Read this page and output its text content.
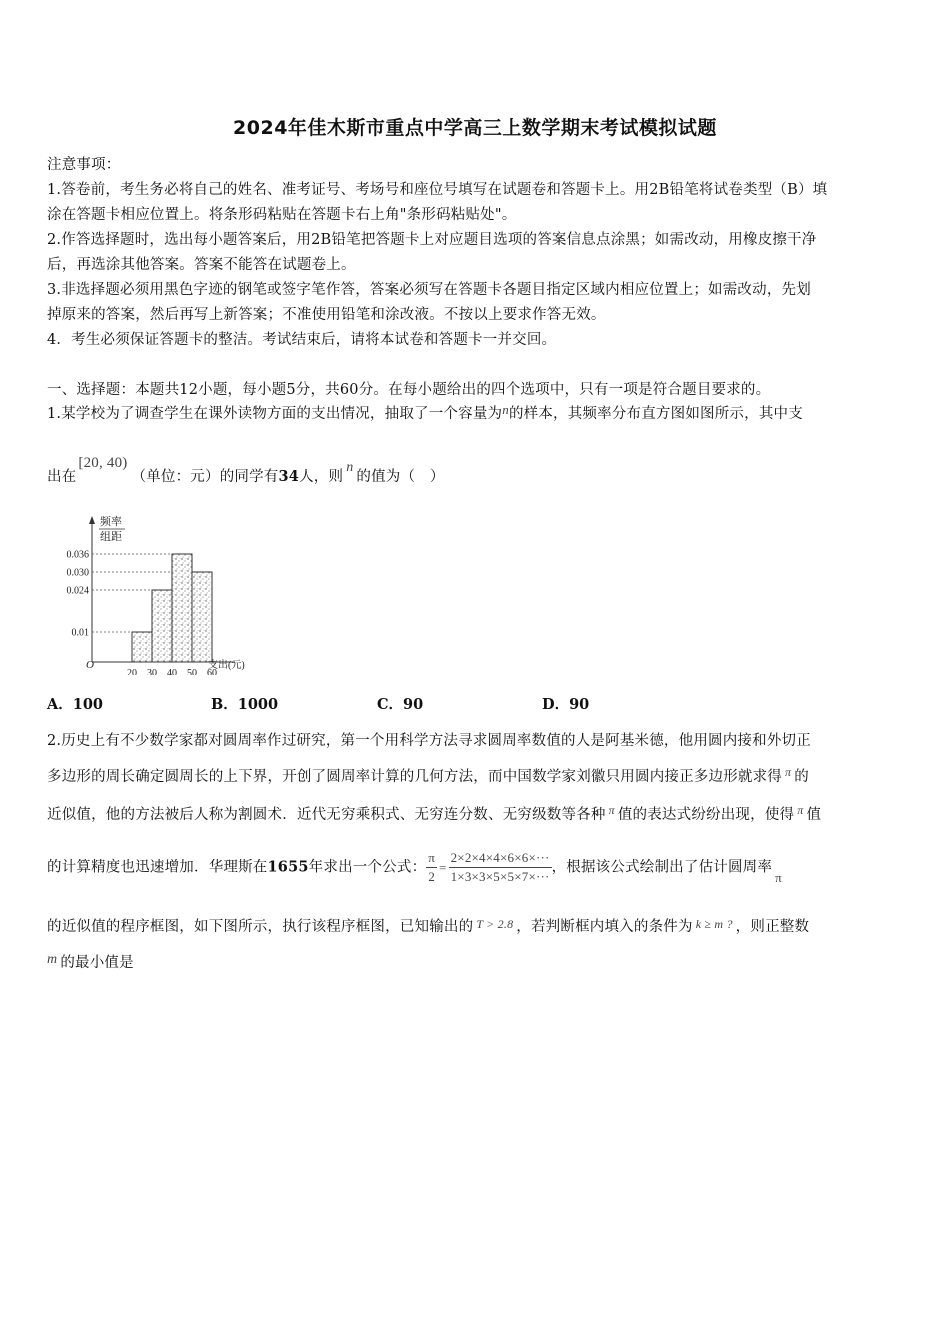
2024年佳木斯市重点中学高三上数学期末考试模拟试题
注意事项：
1.答卷前，考生务必将自己的姓名、准考证号、考场号和座位号填写在试题卷和答题卡上。用2B铅笔将试卷类型（B）填
涂在答题卡相应位置上。将条形码粘贴在答题卡右上角"条形码粘贴处"。
2.作答选择题时，选出每小题答案后，用2B铅笔把答题卡上对应题目选项的答案信息点涂黑；如需改动，用橡皮擦干净
后，再选涂其他答案。答案不能答在试题卷上。
3.非选择题必须用黑色字迹的钢笔或签字笔作答，答案必须写在答题卡各题目指定区域内相应位置上；如需改动，先划
掉原来的答案，然后再写上新答案；不准使用铅笔和涂改液。不按以上要求作答无效。
4．考生必须保证答题卡的整洁。考试结束后，请将本试卷和答题卡一并交回。
一、选择题：本题共12小题，每小题5分，共60分。在每小题给出的四个选项中，只有一项是符合题目要求的。
1.某学校为了调查学生在课外读物方面的支出情况，抽取了一个容量为n的样本，其频率分布直方图如图所示，其中支
出在[20, 40)（单位：元）的同学有34人，则n的值为（　）
0.036
0.030
0.024
0.01
20 30 40 50 60
频率
组距
O	支出(元)
A．100	B．1000	C．90	D．90
2.历史上有不少数学家都对圆周率作过研究，第一个用科学方法寻求圆周率数值的人是阿基米德，他用圆内接和外切正
多边形的周长确定圆周长的上下界，开创了圆周率计算的几何方法，而中国数学家刘徽只用圆内接正多边形就求得 $^\pi$ 的
近似值，他的方法被后人称为割圆术．近代无穷乘积式、无穷连分数、无穷级数等各种 $^\pi$ 值的表达式纷纷出现，使得 $^\pi$ 值
的计算精度也迅速增加．华理斯在1655年求出一个公式： $\frac{\pi}{2} = \frac{2\times 2\times 4\times 4\times 6\times 6\times\cdot\cdot\cdot}{1\times 3\times 3\times 5\times 5\times 7\times\cdot\cdot\cdot}$ ，根据该公式绘制出了估计圆周率π
的近似值的程序框图，如下图所示，执行该程序框图，已知输出的 $^{T > 2.8}$ ，若判断框内填入的条件为 $^{k \ge m ?}$ ，则正整数
m 的最小值是
